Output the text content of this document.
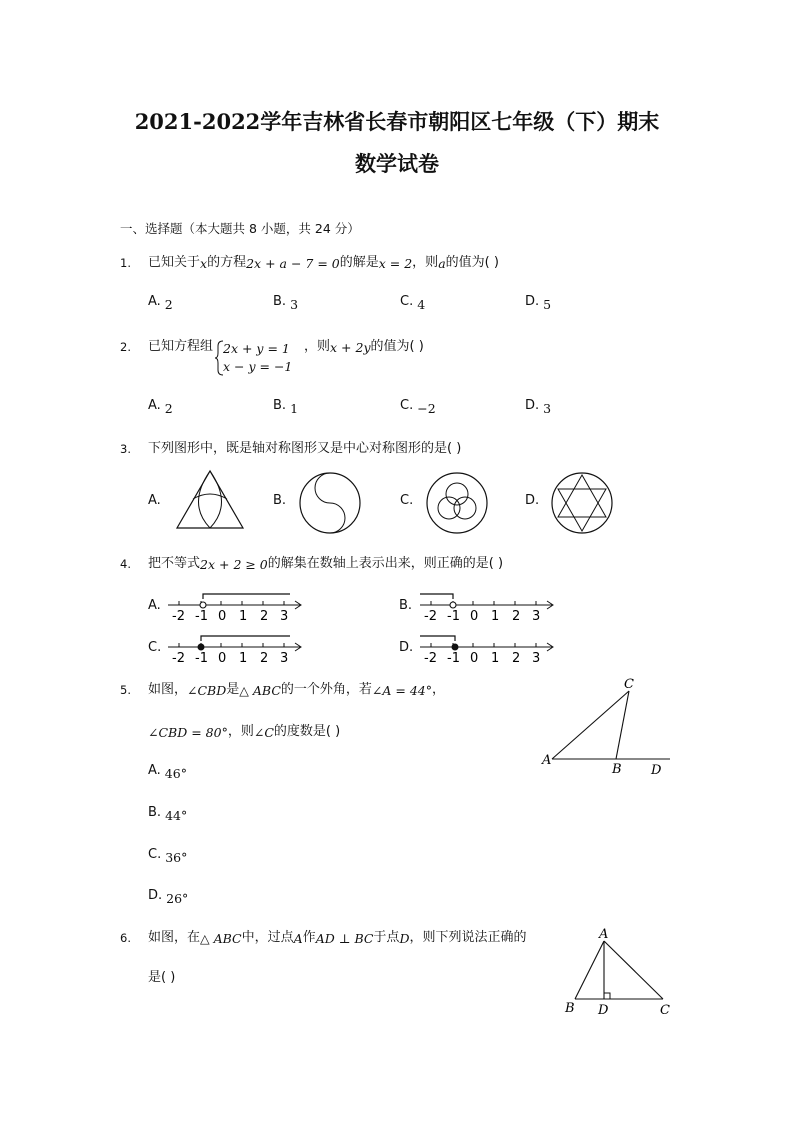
2021-2022学年吉林省长春市朝阳区七年级（下）期末
数学试卷
一、选择题（本大题共 8 小题，共 24 分）
1. 已知关于x的方程2x + a − 7 = 0的解是x = 2，则a的值为( )
A. 2	B. 3	C. 4	D. 5
2. 已知方程组 2x + y = 1
x − y = −1
，则x + 2y的值为( )
A. 2	B. 1	C. −2	D. 3
3. 下列图形中，既是轴对称图形又是中心对称图形的是( )
A.	B.	C.	D.
4. 把不等式2x + 2 ≥ 0的解集在数轴上表示出来，则正确的是( )
A.	B.
C.	D.
-2 -1 0 1 2 3	-2 -1 0 1 2 3
-2 -1 0 1 2 3	-2 -1 0 1 2 3
5. 如图，∠CBD是△ ABC的一个外角，若∠A = 44°，
∠CBD = 80°，则∠C的度数是( )
A. 46°
B. 44°
C. 36°
D. 26°
A
B
C
D
6. 如图，在△ ABC中，过点A作AD ⊥ BC于点D，则下列说法正确的
是( )
A
B D	C
